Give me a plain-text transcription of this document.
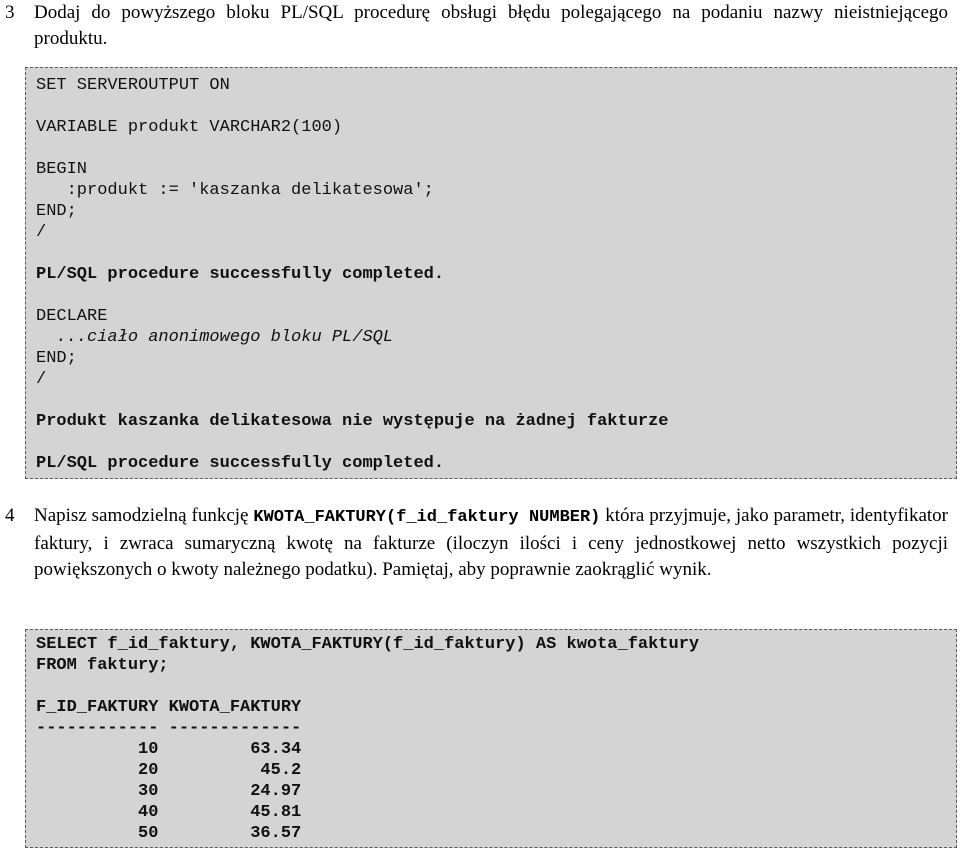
3 Dodaj do powyższego bloku PL/SQL procedurę obsługi błędu polegającego na podaniu nazwy nieistniejącego produktu.
SET SERVEROUTPUT ON
VARIABLE produkt VARCHAR2(100)
BEGIN
:produkt := 'kaszanka delikatesowa';
END;
/
PL/SQL procedure successfully completed.
DECLARE
...ciało anonimowego bloku PL/SQL
END;
/
Produkt kaszanka delikatesowa nie występuje na żadnej fakturze
PL/SQL procedure successfully completed.
4 Napisz samodzielną funkcję KWOTA_FAKTURY(f_id_faktury NUMBER) która przyjmuje, jako parametr, identyfikator faktury, i zwraca sumaryczną kwotę na fakturze (iloczyn ilości i ceny jednostkowej netto wszystkich pozycji powiększonych o kwoty należnego podatku). Pamiętaj, aby poprawnie zaokrąglić wynik.
SELECT f_id_faktury, KWOTA_FAKTURY(f_id_faktury) AS kwota_faktury
FROM faktury;
F_ID_FAKTURY KWOTA_FAKTURY
------------ -------------
10         63.34
20          45.2
30         24.97
40         45.81
50         36.57
